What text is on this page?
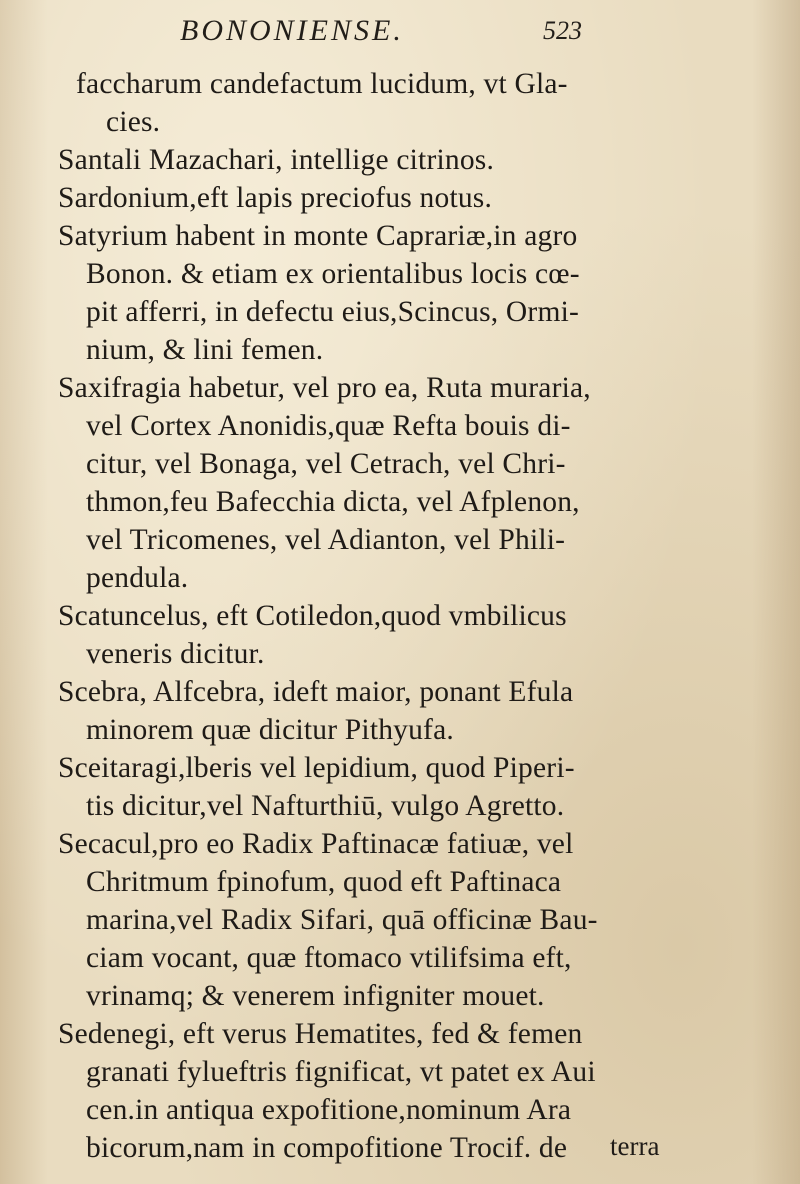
BONONIENSE.	523
faccharum candefactum lucidum, vt Gla-
cies.
Santali Mazachari, intellige citrinos.
Sardonium,eft lapis preciofus notus.
Satyrium habent in monte Caprariæ,in agro
Bonon. & etiam ex orientalibus locis cœ-
pit afferri, in defectu eius,Scincus, Ormi-
nium, & lini femen.
Saxifragia habetur, vel pro ea, Ruta muraria,
vel Cortex Anonidis,quæ Refta bouis di-
citur, vel Bonaga, vel Cetrach, vel Chri-
thmon,feu Bafecchia dicta, vel Afplenon,
vel Tricomenes, vel Adianton, vel Phili-
pendula.
Scatuncelus, eft Cotiledon,quod vmbilicus
veneris dicitur.
Scebra, Alfcebra, ideft maior, ponant Efula
minorem quæ dicitur Pithyufa.
Sceitaragi,lberis vel lepidium, quod Piperi-
tis dicitur,vel Nafturthiū, vulgo Agretto.
Secacul,pro eo Radix Paftinacæ fatiuæ, vel
Chritmum fpinofum, quod eft Paftinaca
marina,vel Radix Sifari, quā officinæ Bau-
ciam vocant, quæ ftomaco vtilifsima eft,
vrinamq; & venerem infigniter mouet.
Sedenegi, eft verus Hematites, fed & femen
granati fylueftris fignificat, vt patet ex Aui
cen.in antiqua expofitione,nominum Ara
bicorum,nam in compofitione Trocif. de terra
